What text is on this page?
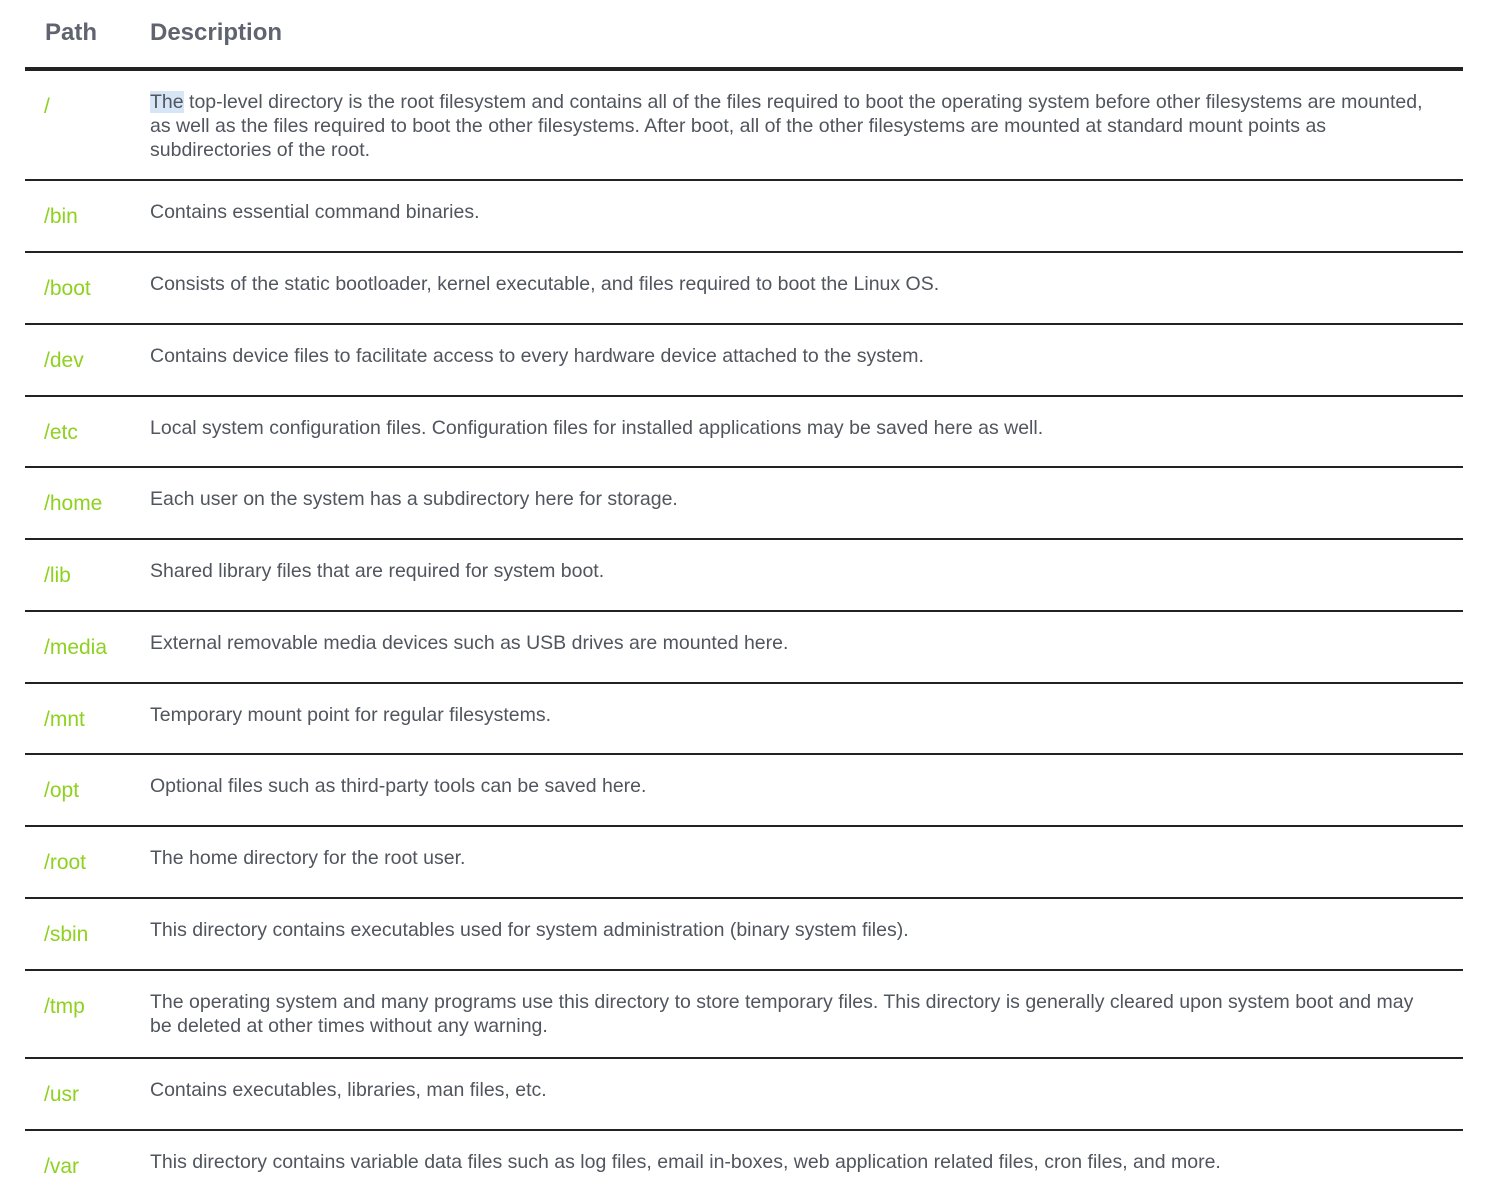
Path Description
/	The top-level directory is the root filesystem and contains all of the files required to boot the operating system before other filesystems are mounted, as well as the files required to boot the other filesystems. After boot, all of the other filesystems are mounted at standard mount points as subdirectories of the root.
/bin	Contains essential command binaries.
/boot	Consists of the static bootloader, kernel executable, and files required to boot the Linux OS.
/dev	Contains device files to facilitate access to every hardware device attached to the system.
/etc	Local system configuration files. Configuration files for installed applications may be saved here as well.
/home Each user on the system has a subdirectory here for storage.
/lib	Shared library files that are required for system boot.
/media External removable media devices such as USB drives are mounted here.
/mnt	Temporary mount point for regular filesystems.
/opt	Optional files such as third-party tools can be saved here.
/root	The home directory for the root user.
/sbin	This directory contains executables used for system administration (binary system files).
/tmp	The operating system and many programs use this directory to store temporary files. This directory is generally cleared upon system boot and may be deleted at other times without any warning.
/usr	Contains executables, libraries, man files, etc.
/var	This directory contains variable data files such as log files, email in-boxes, web application related files, cron files, and more.
